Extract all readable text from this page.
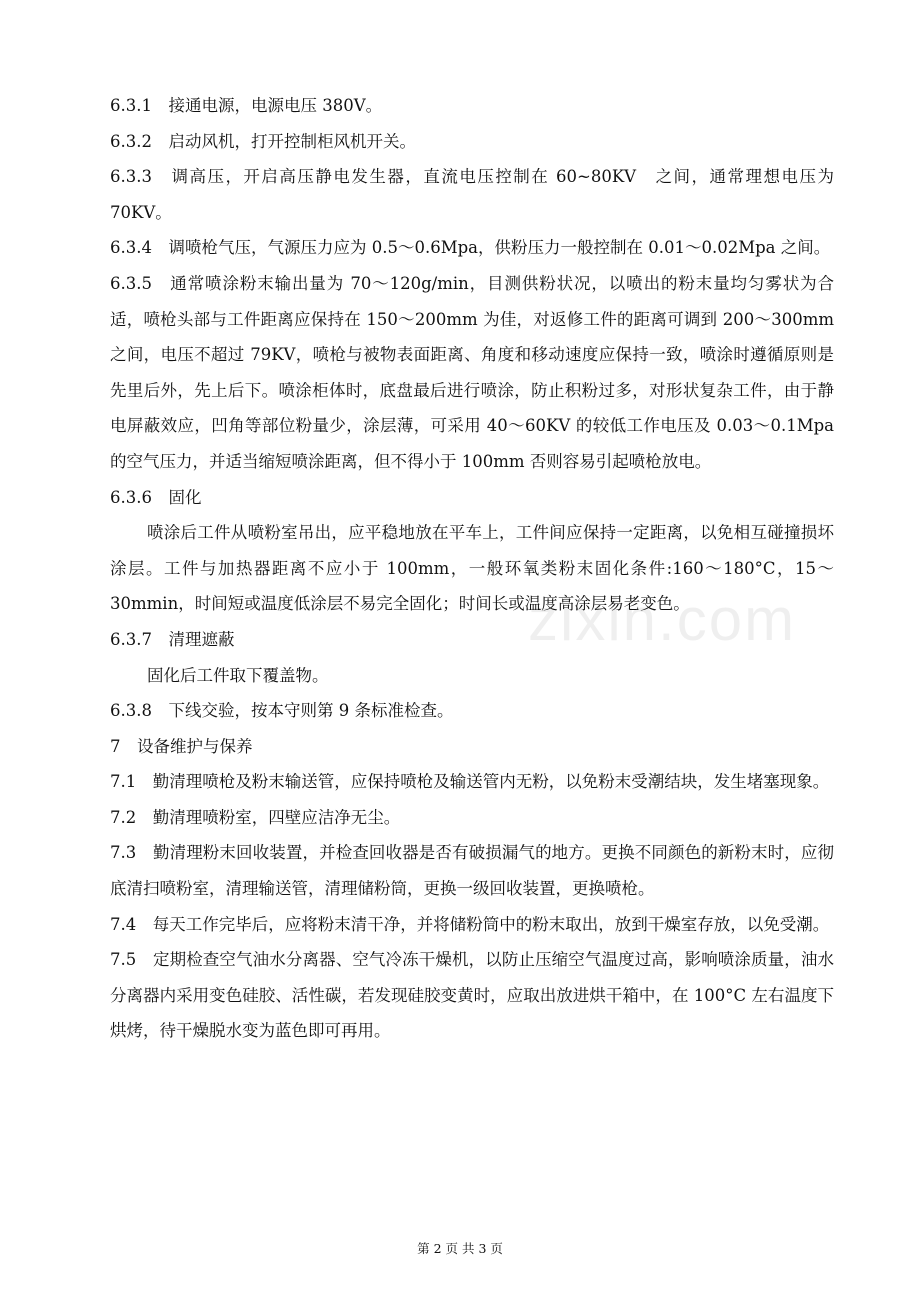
6.3.1　接通电源，电源电压 380V。

6.3.2　启动风机，打开控制柜风机开关。

6.3.3　调高压，开启高压静电发生器，直流电压控制在 60~80KV　之间，通常理想电压为 70KV。

6.3.4　调喷枪气压，气源压力应为 0.5～0.6Mpa，供粉压力一般控制在 0.01～0.02Mpa 之间。

6.3.5　通常喷涂粉末输出量为 70～120g/min，目测供粉状况，以喷出的粉末量均匀雾状为合适，喷枪头部与工件距离应保持在 150～200mm 为佳，对返修工件的距离可调到 200～300mm 之间，电压不超过 79KV，喷枪与被物表面距离、角度和移动速度应保持一致，喷涂时遵循原则是先里后外，先上后下。喷涂柜体时，底盘最后进行喷涂，防止积粉过多，对形状复杂工件，由于静电屏蔽效应，凹角等部位粉量少，涂层薄，可采用 40～60KV 的较低工作电压及 0.03～0.1Mpa 的空气压力，并适当缩短喷涂距离，但不得小于 100mm 否则容易引起喷枪放电。

6.3.6　固化

喷涂后工件从喷粉室吊出，应平稳地放在平车上，工件间应保持一定距离，以免相互碰撞损坏涂层。工件与加热器距离不应小于 100mm，一般环氧类粉末固化条件:160～180°C，15～30mmin，时间短或温度低涂层不易完全固化；时间长或温度高涂层易老变色。

6.3.7　清理遮蔽

固化后工件取下覆盖物。

6.3.8　下线交验，按本守则第 9 条标准检查。

7　设备维护与保养

7.1　勤清理喷枪及粉末输送管，应保持喷枪及输送管内无粉，以免粉末受潮结块，发生堵塞现象。

7.2　勤清理喷粉室，四壁应洁净无尘。

7.3　勤清理粉末回收装置，并检查回收器是否有破损漏气的地方。更换不同颜色的新粉末时，应彻底清扫喷粉室，清理输送管，清理储粉筒，更换一级回收装置，更换喷枪。

7.4　每天工作完毕后，应将粉末清干净，并将储粉筒中的粉末取出，放到干燥室存放，以免受潮。

7.5　定期检查空气油水分离器、空气冷冻干燥机，以防止压缩空气温度过高，影响喷涂质量，油水分离器内采用变色硅胶、活性碳，若发现硅胶变黄时，应取出放进烘干箱中，在 100°C 左右温度下烘烤，待干燥脱水变为蓝色即可再用。

zixin.com
第 2 页 共 3 页
